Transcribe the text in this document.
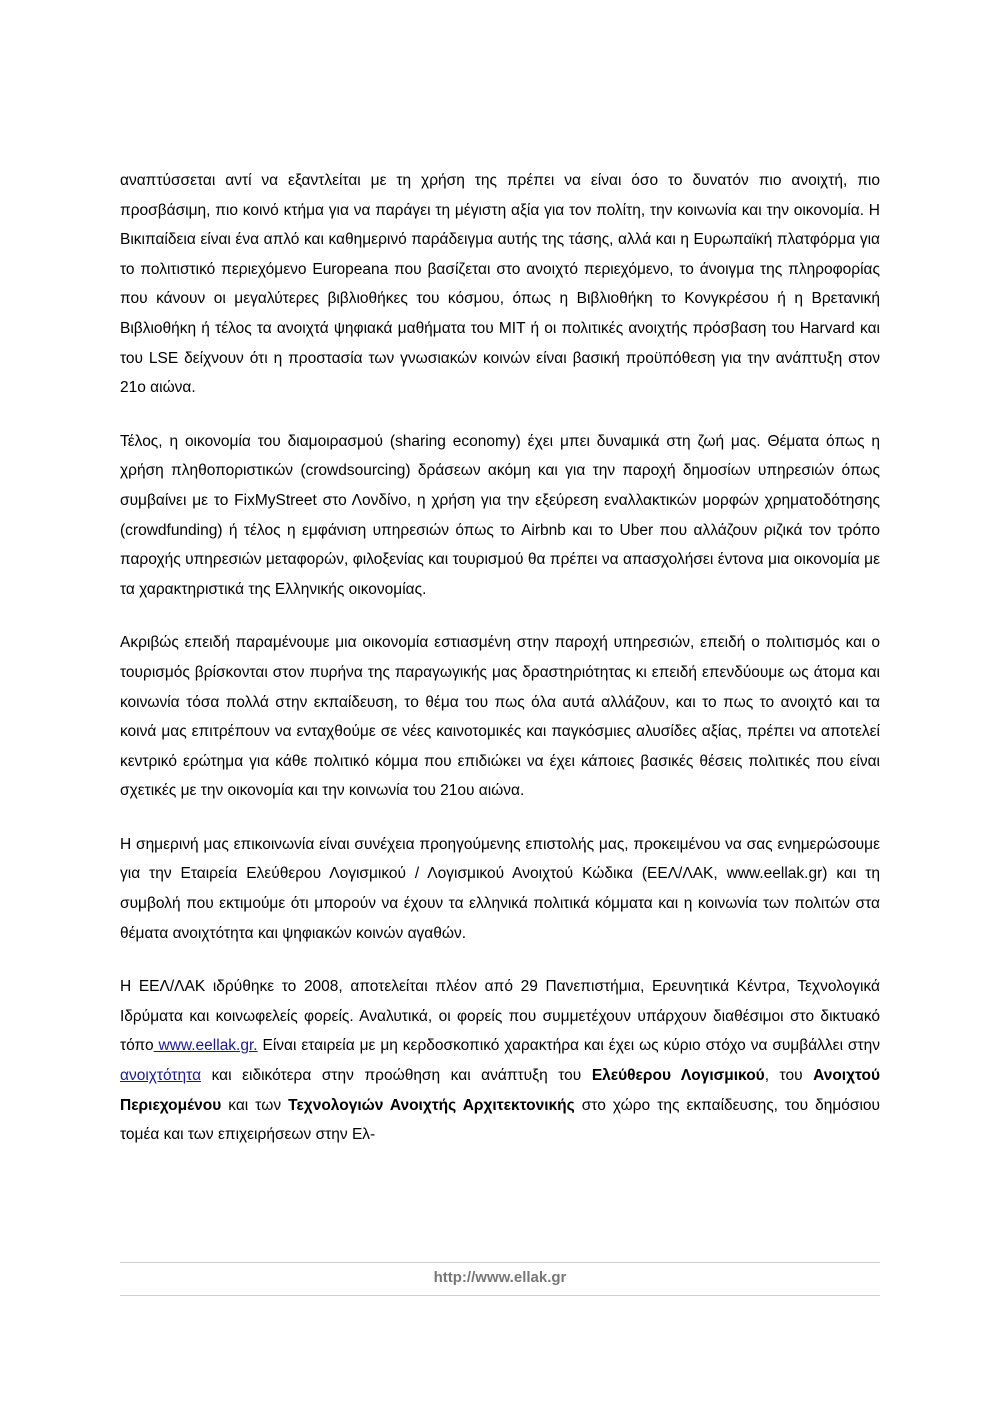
αναπτύσσεται αντί να εξαντλείται με τη χρήση της πρέπει να είναι όσο το δυνατόν πιο ανοιχτή, πιο προσβάσιμη, πιο κοινό κτήμα για να παράγει τη μέγιστη αξία για τον πολίτη, την κοινωνία και την οικονομία. Η Βικιπαίδεια είναι ένα απλό και καθημερινό παράδειγμα αυτής της τάσης, αλλά και η Ευρωπαϊκή πλατφόρμα για το πολιτιστικό περιεχόμενο Europeana που βασίζεται στο ανοιχτό περιεχόμενο, το άνοιγμα της πληροφορίας που κάνουν οι μεγαλύτερες βιβλιοθήκες του κόσμου, όπως η Βιβλιοθήκη το Κονγκρέσου ή η Βρετανική Βιβλιοθήκη ή τέλος τα ανοιχτά ψηφιακά μαθήματα του MIT ή οι πολιτικές ανοιχτής πρόσβαση του Harvard και του LSE δείχνουν ότι η προστασία των γνωσιακών κοινών είναι βασική προϋπόθεση για την ανάπτυξη στον 21ο αιώνα.

Τέλος, η οικονομία του διαμοιρασμού (sharing economy) έχει μπει δυναμικά στη ζωή μας. Θέματα όπως η χρήση πληθοποριστικών (crowdsourcing) δράσεων ακόμη και για την παροχή δημοσίων υπηρεσιών όπως συμβαίνει με το FixMyStreet στο Λονδίνο, η χρήση για την εξεύρεση εναλλακτικών μορφών χρηματοδότησης (crowdfunding) ή τέλος η εμφάνιση υπηρεσιών όπως το Airbnb και το Uber που αλλάζουν ριζικά τον τρόπο παροχής υπηρεσιών μεταφορών, φιλοξενίας και τουρισμού θα πρέπει να απασχολήσει έντονα μια οικονομία με τα χαρακτηριστικά της Ελληνικής οικονομίας.

Ακριβώς επειδή παραμένουμε μια οικονομία εστιασμένη στην παροχή υπηρεσιών, επειδή ο πολιτισμός και ο τουρισμός βρίσκονται στον πυρήνα της παραγωγικής μας δραστηριότητας κι επειδή επενδύουμε ως άτομα και κοινωνία τόσα πολλά στην εκπαίδευση, το θέμα του πως όλα αυτά αλλάζουν, και το πως το ανοιχτό και τα κοινά μας επιτρέπουν να ενταχθούμε σε νέες καινοτομικές και παγκόσμιες αλυσίδες αξίας, πρέπει να αποτελεί κεντρικό ερώτημα για κάθε πολιτικό κόμμα που επιδιώκει να έχει κάποιες βασικές θέσεις πολιτικές που είναι σχετικές με την οικονομία και την κοινωνία του 21ου αιώνα.

Η σημερινή μας επικοινωνία είναι συνέχεια προηγούμενης επιστολής μας, προκειμένου να σας ενημερώσουμε για την Εταιρεία Ελεύθερου Λογισμικού / Λογισμικού Ανοιχτού Κώδικα (ΕΕΛ/ΛΑΚ, www.eellak.gr) και τη συμβολή που εκτιμούμε ότι μπορούν να έχουν τα ελληνικά πολιτικά κόμματα και η κοινωνία των πολιτών στα θέματα ανοιχτότητα και ψηφιακών κοινών αγαθών.

Η ΕΕΛ/ΛΑΚ ιδρύθηκε το 2008, αποτελείται πλέον από 29 Πανεπιστήμια, Ερευνητικά Κέντρα, Τεχνολογικά Ιδρύματα και κοινωφελείς φορείς. Αναλυτικά, οι φορείς που συμμετέχουν υπάρχουν διαθέσιμοι στο δικτυακό τόπο www.eellak.gr. Είναι εταιρεία με μη κερδοσκοπικό χαρακτήρα και έχει ως κύριο στόχο να συμβάλλει στην ανοιχτότητα και ειδικότερα στην προώθηση και ανάπτυξη του Ελεύθερου Λογισμικού, του Ανοιχτού Περιεχομένου και των Τεχνολογιών Ανοιχτής Αρχιτεκτονικής στο χώρο της εκπαίδευσης, του δημόσιου τομέα και των επιχειρήσεων στην Ελ-

http://www.ellak.gr
